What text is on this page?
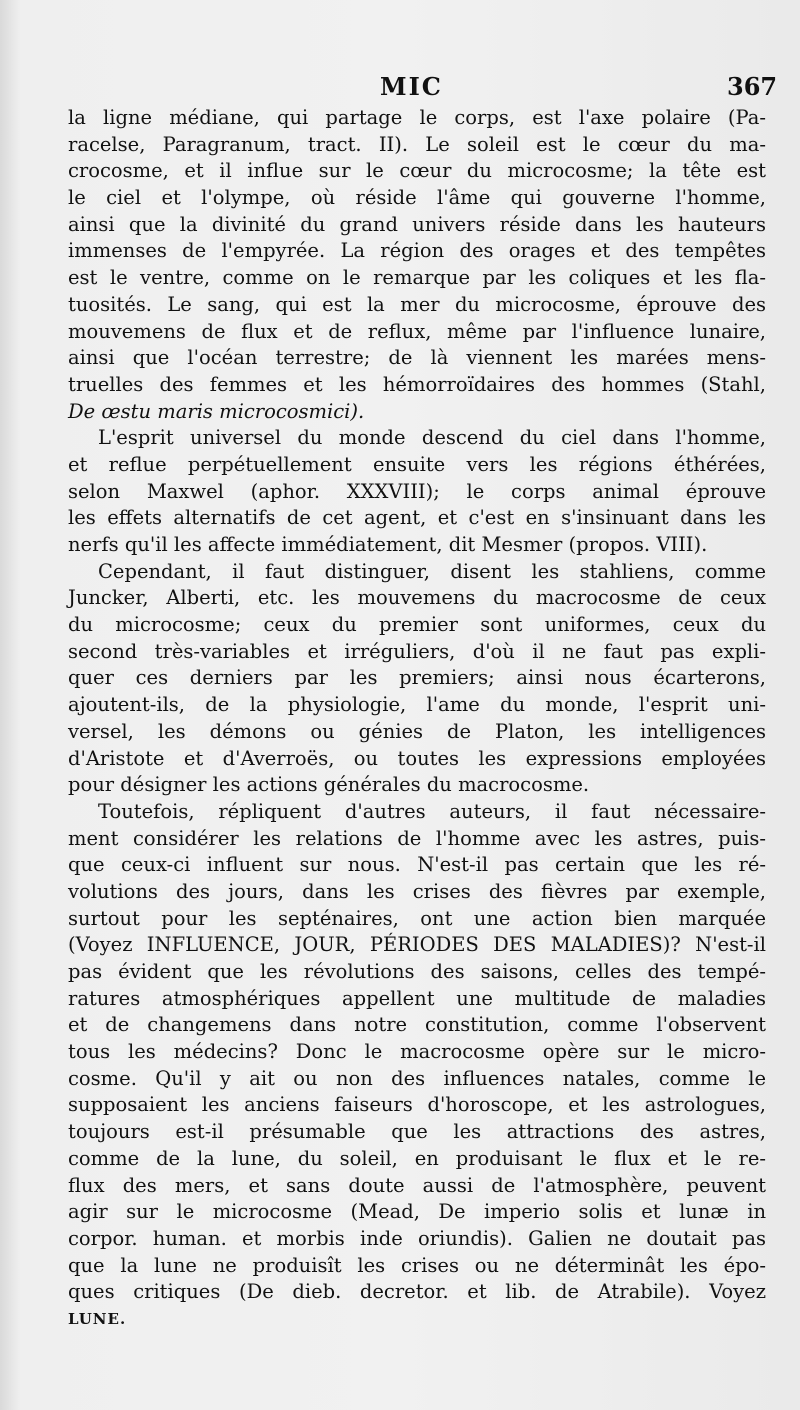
MIC	367
la ligne médiane, qui partage le corps, est l'axe polaire (Pa-
racelse, Paragranum, tract. II). Le soleil est le cœur du ma-
crocosme, et il influe sur le cœur du microcosme; la tête est
le ciel et l'olympe, où réside l'âme qui gouverne l'homme,
ainsi que la divinité du grand univers réside dans les hauteurs
immenses de l'empyrée. La région des orages et des tempêtes
est le ventre, comme on le remarque par les coliques et les fla-
tuosités. Le sang, qui est la mer du microcosme, éprouve des
mouvemens de flux et de reflux, même par l'influence lunaire,
ainsi que l'océan terrestre; de là viennent les marées mens-
truelles des femmes et les hémorroïdaires des hommes (Stahl,
De œstu maris microcosmici).
L'esprit universel du monde descend du ciel dans l'homme,
et reflue perpétuellement ensuite vers les régions éthérées,
selon Maxwel (aphor. XXXVIII); le corps animal éprouve
les effets alternatifs de cet agent, et c'est en s'insinuant dans les
nerfs qu'il les affecte immédiatement, dit Mesmer (propos. VIII).
Cependant, il faut distinguer, disent les stahliens, comme
Juncker, Alberti, etc. les mouvemens du macrocosme de ceux
du microcosme; ceux du premier sont uniformes, ceux du
second très-variables et irréguliers, d'où il ne faut pas expli-
quer ces derniers par les premiers; ainsi nous écarterons,
ajoutent-ils, de la physiologie, l'ame du monde, l'esprit uni-
versel, les démons ou génies de Platon, les intelligences
d'Aristote et d'Averroës, ou toutes les expressions employées
pour désigner les actions générales du macrocosme.
Toutefois, répliquent d'autres auteurs, il faut nécessaire-
ment considérer les relations de l'homme avec les astres, puis-
que ceux-ci influent sur nous. N'est-il pas certain que les ré-
volutions des jours, dans les crises des fièvres par exemple,
surtout pour les septénaires, ont une action bien marquée
(Voyez INFLUENCE, JOUR, PÉRIODES DES MALADIES)? N'est-il
pas évident que les révolutions des saisons, celles des tempé-
ratures atmosphériques appellent une multitude de maladies
et de changemens dans notre constitution, comme l'observent
tous les médecins? Donc le macrocosme opère sur le micro-
cosme. Qu'il y ait ou non des influences natales, comme le
supposaient les anciens faiseurs d'horoscope, et les astrologues,
toujours est-il présumable que les attractions des astres,
comme de la lune, du soleil, en produisant le flux et le re-
flux des mers, et sans doute aussi de l'atmosphère, peuvent
agir sur le microcosme (Mead, De imperio solis et lunæ in
corpor. human. et morbis inde oriundis). Galien ne doutait pas
que la lune ne produisît les crises ou ne déterminât les épo-
ques critiques (De dieb. decretor. et lib. de Atrabile). Voyez
LUNE.
